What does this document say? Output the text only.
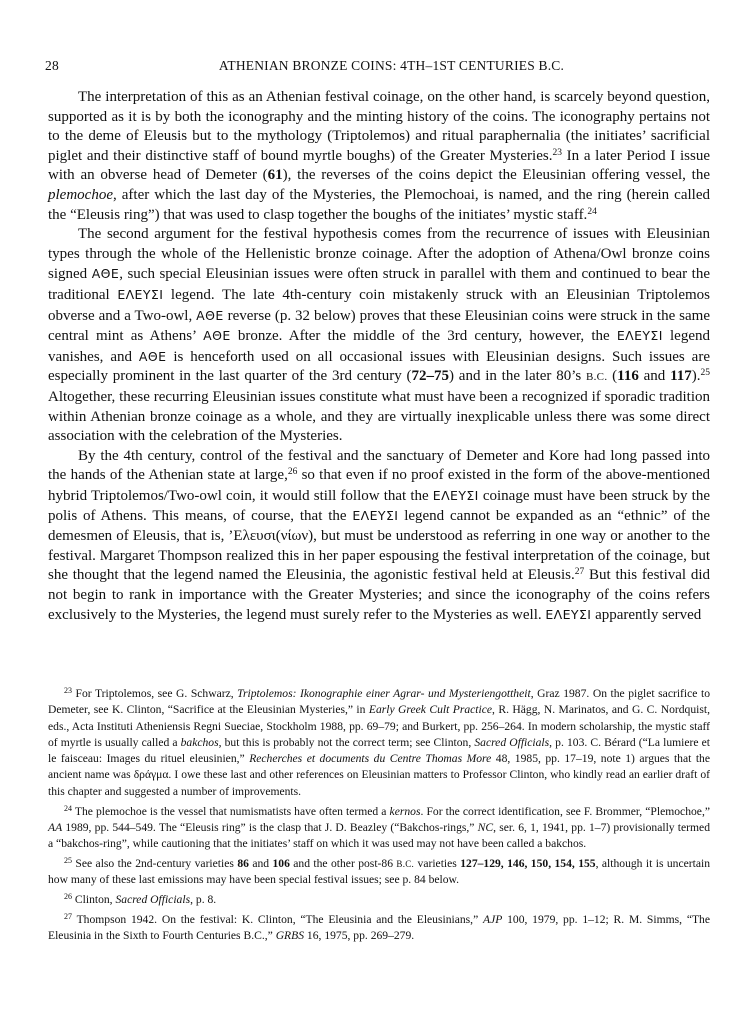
28	ATHENIAN BRONZE COINS: 4TH–1ST CENTURIES B.C.

The interpretation of this as an Athenian festival coinage, on the other hand, is scarcely beyond question, supported as it is by both the iconography and the minting history of the coins. The iconography pertains not to the deme of Eleusis but to the mythology (Triptolemos) and ritual paraphernalia (the initiates’ sacrificial piglet and their distinctive staff of bound myrtle boughs) of the Greater Mysteries.$^{23}$ In a later Period I issue with an obverse head of Demeter (61), the reverses of the coins depict the Eleusinian offering vessel, the plemochoe, after which the last day of the Mysteries, the Plemochoai, is named, and the ring (herein called the “Eleusis ring”) that was used to clasp together the boughs of the initiates’ mystic staff.$^{24}$

The second argument for the festival hypothesis comes from the recurrence of issues with Eleusinian types through the whole of the Hellenistic bronze coinage. After the adoption of Athena/Owl bronze coins signed ΑΘΕ, such special Eleusinian issues were often struck in parallel with them and continued to bear the traditional ΕΛΕΥΣΙ legend. The late 4th-century coin mistakenly struck with an Eleusinian Triptolemos obverse and a Two-owl, ΑΘΕ reverse (p. 32 below) proves that these Eleusinian coins were struck in the same central mint as Athens’ ΑΘΕ bronze. After the middle of the 3rd century, however, the ΕΛΕΥΣΙ legend vanishes, and ΑΘΕ is henceforth used on all occasional issues with Eleusinian designs. Such issues are especially prominent in the last quarter of the 3rd century (72–75) and in the later 80’s B.C. (116 and 117).$^{25}$ Altogether, these recurring Eleusinian issues constitute what must have been a recognized if sporadic tradition within Athenian bronze coinage as a whole, and they are virtually inexplicable unless there was some direct association with the celebration of the Mysteries.

By the 4th century, control of the festival and the sanctuary of Demeter and Kore had long passed into the hands of the Athenian state at large,$^{26}$ so that even if no proof existed in the form of the above-mentioned hybrid Triptolemos/Two-owl coin, it would still follow that the ΕΛΕΥΣΙ coinage must have been struck by the polis of Athens. This means, of course, that the ΕΛΕΥΣΙ legend cannot be expanded as an “ethnic” of the demesmen of Eleusis, that is, ’Ελευσι(νίων), but must be understood as referring in one way or another to the festival. Margaret Thompson realized this in her paper espousing the festival interpretation of the coinage, but she thought that the legend named the Eleusinia, the agonistic festival held at Eleusis.$^{27}$ But this festival did not begin to rank in importance with the Greater Mysteries; and since the iconography of the coins refers exclusively to the Mysteries, the legend must surely refer to the Mysteries as well. ΕΛΕΥΣΙ apparently served

$^{23}$ For Triptolemos, see G. Schwarz, Triptolemos: Ikonographie einer Agrar- und Mysteriengottheit, Graz 1987. On the piglet sacrifice to Demeter, see K. Clinton, “Sacrifice at the Eleusinian Mysteries,” in Early Greek Cult Practice, R. Hägg, N. Marinatos, and G. C. Nordquist, eds., Acta Instituti Atheniensis Regni Sueciae, Stockholm 1988, pp. 69–79; and Burkert, pp. 256–264. In modern scholarship, the mystic staff of myrtle is usually called a bakchos, but this is probably not the correct term; see Clinton, Sacred Officials, p. 103. C. Bérard (“La lumiere et le faisceau: Images du rituel eleusinien,” Recherches et documents du Centre Thomas More 48, 1985, pp. 17–19, note 1) argues that the ancient name was δράγμα. I owe these last and other references on Eleusinian matters to Professor Clinton, who kindly read an earlier draft of this chapter and suggested a number of improvements.

$^{24}$ The plemochoe is the vessel that numismatists have often termed a kernos. For the correct identification, see F. Brommer, “Plemochoe,” AA 1989, pp. 544–549. The “Eleusis ring” is the clasp that J. D. Beazley (“Bakchos-rings,” NC, ser. 6, 1, 1941, pp. 1–7) provisionally termed a “bakchos-ring”, while cautioning that the initiates’ staff on which it was used may not have been called a bakchos.

$^{25}$ See also the 2nd-century varieties 86 and 106 and the other post-86 B.C. varieties 127–129, 146, 150, 154, 155, although it is uncertain how many of these last emissions may have been special festival issues; see p. 84 below.

$^{26}$ Clinton, Sacred Officials, p. 8.

$^{27}$ Thompson 1942. On the festival: K. Clinton, “The Eleusinia and the Eleusinians,” AJP 100, 1979, pp. 1–12; R. M. Simms, “The Eleusinia in the Sixth to Fourth Centuries B.C.,” GRBS 16, 1975, pp. 269–279.
